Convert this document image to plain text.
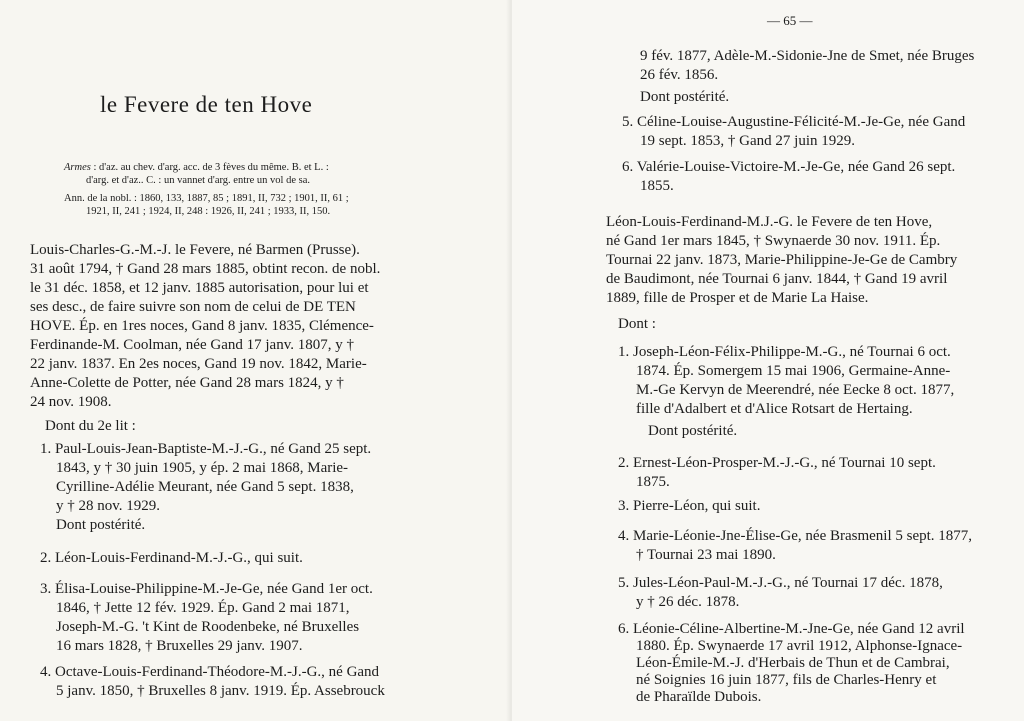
le Fevere de ten Hove
Armes : d'az. au chev. d'arg. acc. de 3 fèves du même. B. et L. :
d'arg. et d'az.. C. : un vannet d'arg. entre un vol de sa.
Ann. de la nobl. : 1860, 133, 1887, 85 ; 1891, II, 732 ; 1901, II, 61 ;
1921, II, 241 ; 1924, II, 248 : 1926, II, 241 ; 1933, II, 150.
Louis-Charles-G.-M.-J. le Fevere, né Barmen (Prusse).
31 août 1794, † Gand 28 mars 1885, obtint recon. de nobl.
le 31 déc. 1858, et 12 janv. 1885 autorisation, pour lui et
ses desc., de faire suivre son nom de celui de DE TEN
HOVE. Ép. en 1res noces, Gand 8 janv. 1835, Clémence-
Ferdinande-M. Coolman, née Gand 17 janv. 1807, y †
22 janv. 1837. En 2es noces, Gand 19 nov. 1842, Marie-
Anne-Colette de Potter, née Gand 28 mars 1824, y †
24 nov. 1908.
Dont du 2e lit :
1. Paul-Louis-Jean-Baptiste-M.-J.-G., né Gand 25 sept.
1843, y † 30 juin 1905, y ép. 2 mai 1868, Marie-
Cyrilline-Adélie Meurant, née Gand 5 sept. 1838,
y † 28 nov. 1929.
Dont postérité.
2. Léon-Louis-Ferdinand-M.-J.-G., qui suit.
3. Élisa-Louise-Philippine-M.-Je-Ge, née Gand 1er oct.
1846, † Jette 12 fév. 1929. Ép. Gand 2 mai 1871,
Joseph-M.-G. 't Kint de Roodenbeke, né Bruxelles
16 mars 1828, † Bruxelles 29 janv. 1907.
4. Octave-Louis-Ferdinand-Théodore-M.-J.-G., né Gand
5 janv. 1850, † Bruxelles 8 janv. 1919. Ép. Assebrouck
— 65 —
9 fév. 1877, Adèle-M.-Sidonie-Jne de Smet, née Bruges
26 fév. 1856.
Dont postérité.
5. Céline-Louise-Augustine-Félicité-M.-Je-Ge, née Gand
19 sept. 1853, † Gand 27 juin 1929.
6. Valérie-Louise-Victoire-M.-Je-Ge, née Gand 26 sept.
1855.
Léon-Louis-Ferdinand-M.J.-G. le Fevere de ten Hove,
né Gand 1er mars 1845, † Swynaerde 30 nov. 1911. Ép.
Tournai 22 janv. 1873, Marie-Philippine-Je-Ge de Cambry
de Baudimont, née Tournai 6 janv. 1844, † Gand 19 avril
1889, fille de Prosper et de Marie La Haise.
Dont :
1. Joseph-Léon-Félix-Philippe-M.-G., né Tournai 6 oct.
1874. Ép. Somergem 15 mai 1906, Germaine-Anne-
M.-Ge Kervyn de Meerendré, née Eecke 8 oct. 1877,
fille d'Adalbert et d'Alice Rotsart de Hertaing.
Dont postérité.
2. Ernest-Léon-Prosper-M.-J.-G., né Tournai 10 sept.
1875.
3. Pierre-Léon, qui suit.
4. Marie-Léonie-Jne-Élise-Ge, née Brasmenil 5 sept. 1877,
† Tournai 23 mai 1890.
5. Jules-Léon-Paul-M.-J.-G., né Tournai 17 déc. 1878,
y † 26 déc. 1878.
6. Léonie-Céline-Albertine-M.-Jne-Ge, née Gand 12 avril
1880. Ép. Swynaerde 17 avril 1912, Alphonse-Ignace-
Léon-Émile-M.-J. d'Herbais de Thun et de Cambrai,
né Soignies 16 juin 1877, fils de Charles-Henry et
de Pharaïlde Dubois.
